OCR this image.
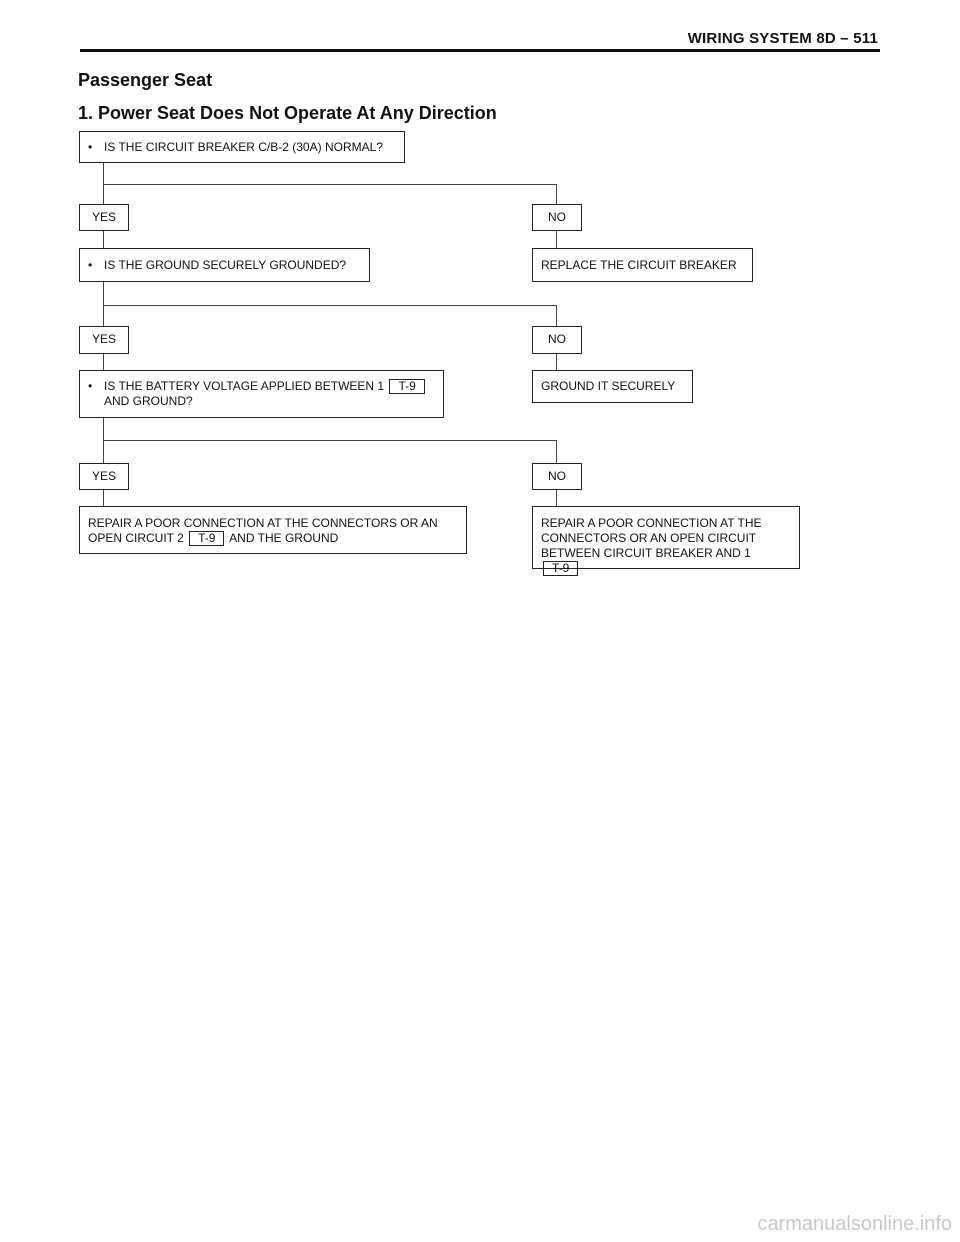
WIRING SYSTEM 8D – 511
Passenger Seat
1. Power Seat Does Not Operate At Any Direction
• IS THE CIRCUIT BREAKER C/B-2 (30A) NORMAL?
YES	NO
• IS THE GROUND SECURELY GROUNDED?	REPLACE THE CIRCUIT BREAKER
YES	NO
• IS THE BATTERY VOLTAGE APPLIED BETWEEN 1 T-9
AND GROUND?
GROUND IT SECURELY
YES	NO
REPAIR A POOR CONNECTION AT THE CONNECTORS OR AN
OPEN CIRCUIT 2 T-9 AND THE GROUND
REPAIR A POOR CONNECTION AT THE
CONNECTORS OR AN OPEN CIRCUIT
BETWEEN CIRCUIT BREAKER AND 1 T-9
carmanualsonline.info
